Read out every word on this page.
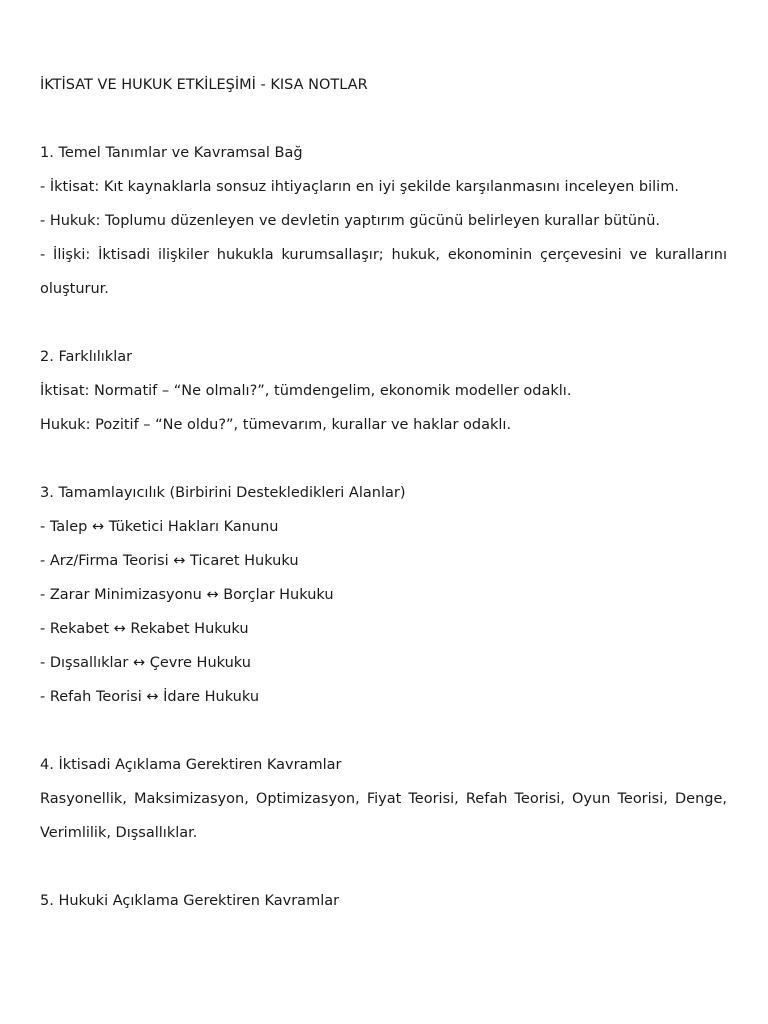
İKTİSAT VE HUKUK ETKİLEŞİMİ - KISA NOTLAR

1. Temel Tanımlar ve Kavramsal Bağ

- İktisat: Kıt kaynaklarla sonsuz ihtiyaçların en iyi şekilde karşılanmasını inceleyen bilim.

- Hukuk: Toplumu düzenleyen ve devletin yaptırım gücünü belirleyen kurallar bütünü.

- İlişki: İktisadi ilişkiler hukukla kurumsallaşır; hukuk, ekonominin çerçevesini ve kurallarını oluşturur.

2. Farklılıklar

İktisat: Normatif – “Ne olmalı?”, tümdengelim, ekonomik modeller odaklı.

Hukuk: Pozitif – “Ne oldu?”, tümevarım, kurallar ve haklar odaklı.

3. Tamamlayıcılık (Birbirini Destekledikleri Alanlar)

- Talep ↔ Tüketici Hakları Kanunu

- Arz/Firma Teorisi ↔ Ticaret Hukuku

- Zarar Minimizasyonu ↔ Borçlar Hukuku

- Rekabet ↔ Rekabet Hukuku

- Dışsallıklar ↔ Çevre Hukuku

- Refah Teorisi ↔ İdare Hukuku

4. İktisadi Açıklama Gerektiren Kavramlar

Rasyonellik, Maksimizasyon, Optimizasyon, Fiyat Teorisi, Refah Teorisi, Oyun Teorisi, Denge, Verimlilik, Dışsallıklar.

5. Hukuki Açıklama Gerektiren Kavramlar
